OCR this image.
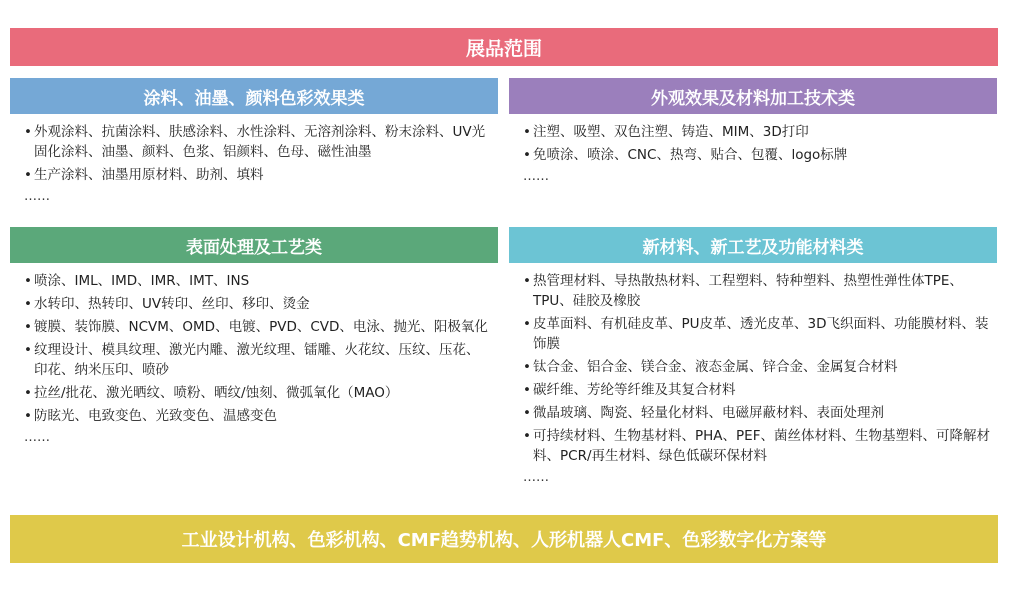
展品范围
涂料、油墨、颜料色彩效果类
• 外观涂料、抗菌涂料、肤感涂料、水性涂料、无溶剂涂料、粉末涂料、UV光固化涂料、油墨、颜料、色浆、铝颜料、色母、磁性油墨
• 生产涂料、油墨用原材料、助剂、填料
……
外观效果及材料加工技术类
• 注塑、吸塑、双色注塑、铸造、MIM、3D打印
• 免喷涂、喷涂、CNC、热弯、贴合、包覆、logo标牌
……
表面处理及工艺类
• 喷涂、IML、IMD、IMR、IMT、INS
• 水转印、热转印、UV转印、丝印、移印、烫金
• 镀膜、装饰膜、NCVM、OMD、电镀、PVD、CVD、电泳、抛光、阳极氧化
• 纹理设计、模具纹理、激光内雕、激光纹理、镭雕、火花纹、压纹、压花、印花、纳米压印、喷砂
• 拉丝/批花、激光晒纹、喷粉、晒纹/蚀刻、微弧氧化（MAO）
• 防眩光、电致变色、光致变色、温感变色
……
新材料、新工艺及功能材料类
• 热管理材料、导热散热材料、工程塑料、特种塑料、热塑性弹性体TPE、TPU、硅胶及橡胶
• 皮革面料、有机硅皮革、PU皮革、透光皮革、3D飞织面料、功能膜材料、装饰膜
• 钛合金、铝合金、镁合金、液态金属、锌合金、金属复合材料
• 碳纤维、芳纶等纤维及其复合材料
• 微晶玻璃、陶瓷、轻量化材料、电磁屏蔽材料、表面处理剂
• 可持续材料、生物基材料、PHA、PEF、菌丝体材料、生物基塑料、可降解材料、PCR/再生材料、绿色低碳环保材料
……
工业设计机构、色彩机构、CMF趋势机构、人形机器人CMF、色彩数字化方案等
